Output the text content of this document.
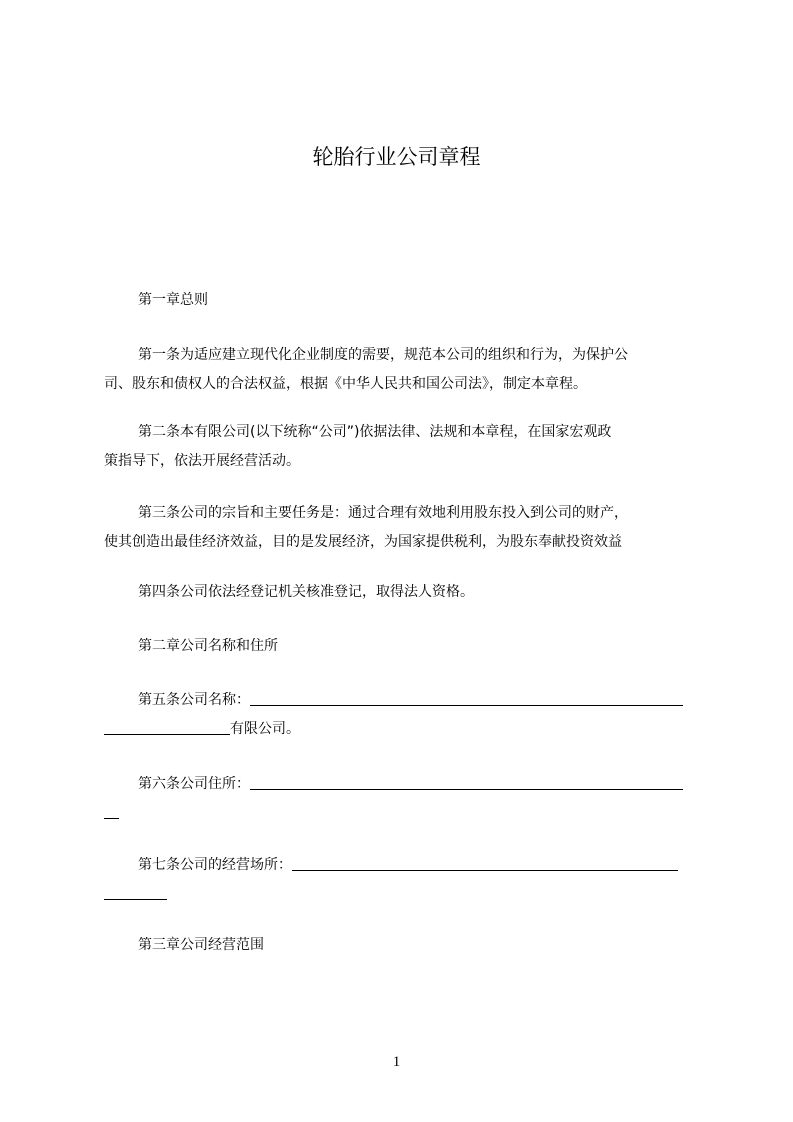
轮胎行业公司章程

第一章总则

第一条为适应建立现代化企业制度的需要，规范本公司的组织和行为，为保护公
司、股东和债权人的合法权益，根据《中华人民共和国公司法》，制定本章程。
第二条本有限公司(以下统称“公司”)依据法律、法规和本章程，在国家宏观政
策指导下，依法开展经营活动。
第三条公司的宗旨和主要任务是：通过合理有效地利用股东投入到公司的财产，
使其创造出最佳经济效益，目的是发展经济，为国家提供税利，为股东奉献投资效益

第四条公司依法经登记机关核准登记，取得法人资格。

第二章公司名称和住所

第五条公司名称：
有限公司。
第六条公司住所：
第七条公司的经营场所：

第三章公司经营范围

1
